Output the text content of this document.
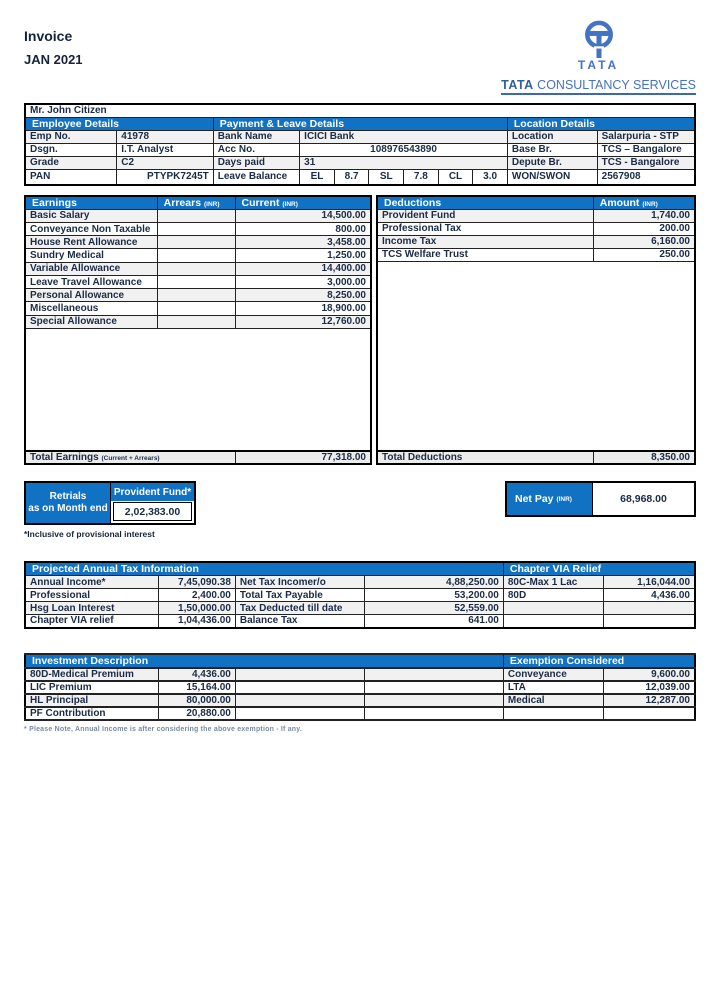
Invoice
JAN 2021	TATA
TATA CONSULTANCY SERVICES
Mr. John Citizen					
Employee Details		Payment & Leave Details		Location Details	
Emp No.	41978	Bank Name	ICICI Bank	Location	Salarpuria - STP
Dsgn.	I.T. Analyst	Acc No.	108976543890	Base Br.	TCS – Bangalore
Grade	C2	Days paid	31	Depute Br.	TCS - Bangalore
PAN	PTYPK7245T	Leave Balance	EL	8.7	SL	7.8	CL	3.0	WON/SWON	2567908
Earnings	Arrears (INR)	Current (INR)
Basic Salary		14,500.00
Conveyance Non Taxable		800.00
House Rent Allowance		3,458.00
Sundry Medical		1,250.00
Variable Allowance		14,400.00
Leave Travel Allowance		3,000.00
Personal Allowance		8,250.00
Miscellaneous		18,900.00
Special Allowance		12,760.00

Total Earnings (Current + Arrears)		77,318.00
Deductions	Amount (INR)
Provident Fund	1,740.00
Professional Tax	200.00
Income Tax	6,160.00
TCS Welfare Trust	250.00

Total Deductions	8,350.00
Retrials
as on Month end
Provident Fund*
2,02,383.00
*Inclusive of provisional interest
Net Pay
(INR)	68,968.00
Projected Annual Tax Information				Chapter VIA Relief	
Annual Income*	7,45,090.38	Net Tax Incomer/o	4,88,250.00	80C-Max 1 Lac	1,16,044.00
Professional	2,400.00	Total Tax Payable	53,200.00	80D	4,436.00
Hsg Loan Interest	1,50,000.00	Tax Deducted till date	52,559.00		
Chapter VIA relief	1,04,436.00	Balance Tax	641.00		
Investment Description				Exemption Considered	
80D-Medical Premium	4,436.00			Conveyance	9,600.00
LIC Premium	15,164.00			LTA	12,039.00
HL Principal	80,000.00			Medical	12,287.00
PF Contribution	20,880.00				
* Please Note, Annual Income is after considering the above exemption - If any.
